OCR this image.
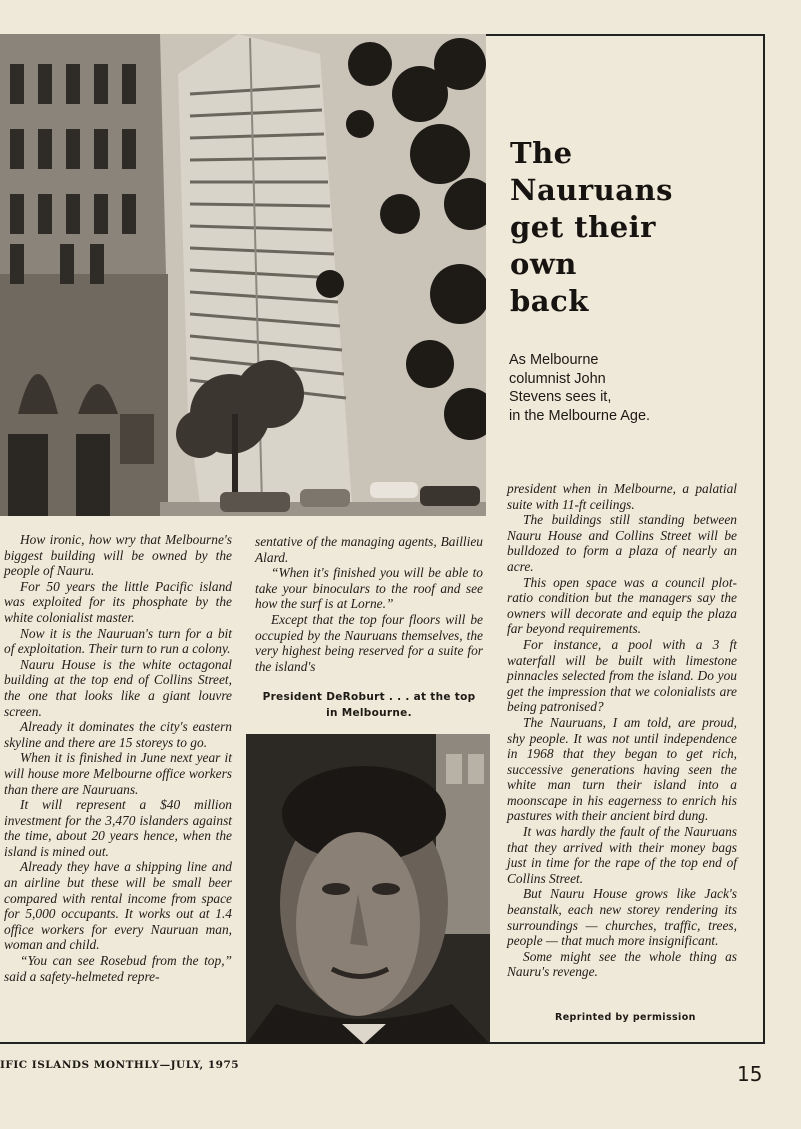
The
Nauruans
get their
own
back
As Melbourne
columnist John
Stevens sees it,
in the Melbourne Age.

How ironic, how wry that Melbourne's biggest building will be owned by the people of Nauru.

For 50 years the little Pacific island was exploited for its phosphate by the white colonialist master.

Now it is the Nauruan's turn for a bit of exploitation. Their turn to run a colony.

Nauru House is the white octagonal building at the top end of Collins Street, the one that looks like a giant louvre screen.

Already it dominates the city's eastern skyline and there are 15 storeys to go.

When it is finished in June next year it will house more Melbourne office workers than there are Nauruans.

It will represent a $40 million investment for the 3,470 islanders against the time, about 20 years hence, when the island is mined out.

Already they have a shipping line and an airline but these will be small beer compared with rental income from space for 5,000 occupants. It works out at 1.4 office workers for every Nauruan man, woman and child.

“You can see Rosebud from the top,” said a safety-helmeted repre-

sentative of the managing agents, Baillieu Alard.

“When it's finished you will be able to take your binoculars to the roof and see how the surf is at Lorne.”

Except that the top four floors will be occupied by the Nauruans themselves, the very highest being reserved for a suite for the island's

President DeRoburt . . . at the top
in Melbourne.

president when in Melbourne, a palatial suite with 11-ft ceilings.

The buildings still standing between Nauru House and Collins Street will be bulldozed to form a plaza of nearly an acre.

This open space was a council plot-ratio condition but the managers say the owners will decorate and equip the plaza far beyond requirements.

For instance, a pool with a 3 ft waterfall will be built with limestone pinnacles selected from the island. Do you get the impression that we colonialists are being patronised?

The Nauruans, I am told, are proud, shy people. It was not until independence in 1968 that they began to get rich, successive generations having seen the white man turn their island into a moonscape in his eagerness to enrich his pastures with their ancient bird dung.

It was hardly the fault of the Nauruans that they arrived with their money bags just in time for the rape of the top end of Collins Street.

But Nauru House grows like Jack's beanstalk, each new storey rendering its surroundings — churches, traffic, trees, people — that much more insignificant.

Some might see the whole thing as Nauru's revenge.

Reprinted by permission
IFIC ISLANDS MONTHLY—JULY, 1975	15
